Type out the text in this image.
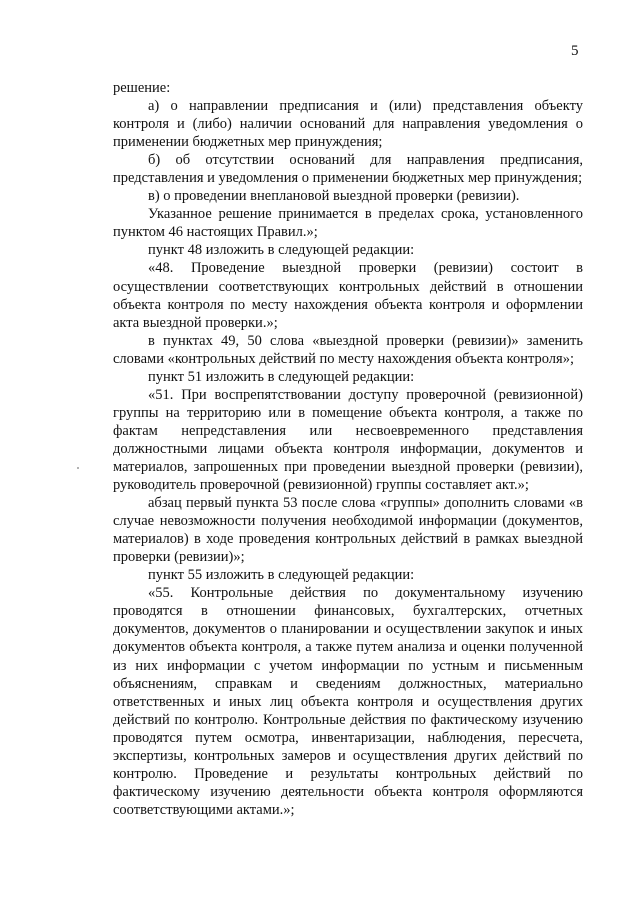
5

решение:

а) о направлении предписания и (или) представления объекту контроля и (либо) наличии оснований для направления уведомления о применении бюджетных мер принуждения;

б) об отсутствии оснований для направления предписания, представления и уведомления о применении бюджетных мер принуждения;

в) о проведении внеплановой выездной проверки (ревизии).

Указанное решение принимается в пределах срока, установленного пунктом 46 настоящих Правил.»;

пункт 48 изложить в следующей редакции:

«48. Проведение выездной проверки (ревизии) состоит в осуществлении соответствующих контрольных действий в отношении объекта контроля по месту нахождения объекта контроля и оформлении акта выездной проверки.»;

в пунктах 49, 50 слова «выездной проверки (ревизии)» заменить словами «контрольных действий по месту нахождения объекта контроля»;

пункт 51 изложить в следующей редакции:

«51. При воспрепятствовании доступу проверочной (ревизионной) группы на территорию или в помещение объекта контроля, а также по фактам непредставления или несвоевременного представления должностными лицами объекта контроля информации, документов и материалов, запрошенных при проведении выездной проверки (ревизии), руководитель проверочной (ревизионной) группы составляет акт.»;

абзац первый пункта 53 после слова «группы» дополнить словами «в случае невозможности получения необходимой информации (документов, материалов) в ходе проведения контрольных действий в рамках выездной проверки (ревизии)»;

пункт 55 изложить в следующей редакции:

«55. Контрольные действия по документальному изучению проводятся в отношении финансовых, бухгалтерских, отчетных документов, документов о планировании и осуществлении закупок и иных документов объекта контроля, а также путем анализа и оценки полученной из них информации с учетом информации по устным и письменным объяснениям, справкам и сведениям должностных, материально ответственных и иных лиц объекта контроля и осуществления других действий по контролю. Контрольные действия по фактическому изучению проводятся путем осмотра, инвентаризации, наблюдения, пересчета, экспертизы, контрольных замеров и осуществления других действий по контролю. Проведение и результаты контрольных действий по фактическому изучению деятельности объекта контроля оформляются соответствующими актами.»;
